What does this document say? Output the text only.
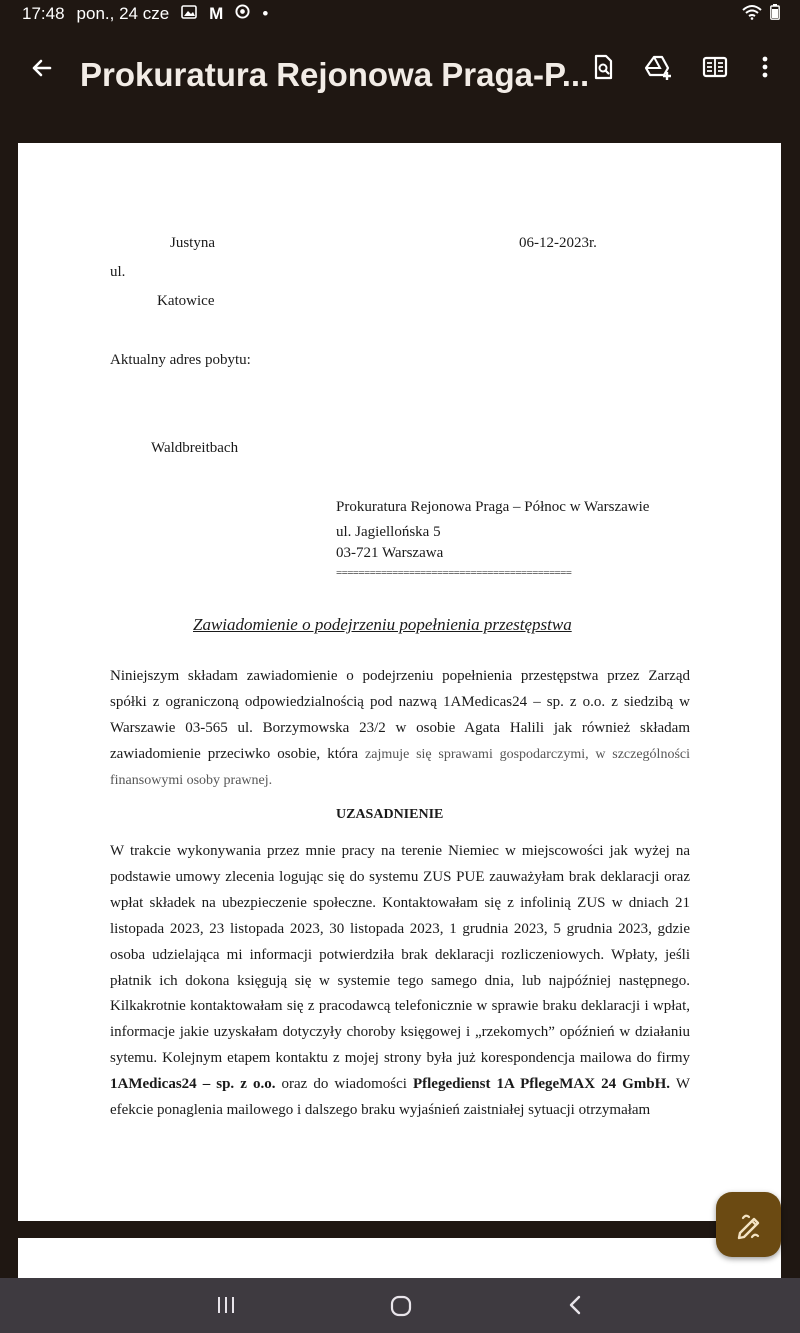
17:48 pon., 24 cze M •
Prokuratura Rejonowa Praga-P...
Justyna	06-12-2023r.
ul.
Katowice
Aktualny adres pobytu:
Waldbreitbach
Prokuratura Rejonowa Praga – Północ w Warszawie
ul. Jagiellońska 5
03-721 Warszawa
==========================================
Zawiadomienie o podejrzeniu popełnienia przestępstwa
Niniejszym składam zawiadomienie o podejrzeniu popełnienia przestępstwa przez Zarząd spółki z ograniczoną odpowiedzialnością pod nazwą 1AMedicas24 – sp. z o.o. z siedzibą w Warszawie 03-565 ul. Borzymowska 23/2 w osobie Agata Halili jak również składam zawiadomienie przeciwko osobie, która zajmuje się sprawami gospodarczymi, w szczególności finansowymi osoby prawnej.
UZASADNIENIE
W trakcie wykonywania przez mnie pracy na terenie Niemiec w miejscowości jak wyżej na podstawie umowy zlecenia logując się do systemu ZUS PUE zauważyłam brak deklaracji oraz wpłat składek na ubezpieczenie społeczne. Kontaktowałam się z infolinią ZUS w dniach 21 listopada 2023, 23 listopada 2023, 30 listopada 2023, 1 grudnia 2023, 5 grudnia 2023, gdzie osoba udzielająca mi informacji potwierdziła brak deklaracji rozliczeniowych. Wpłaty, jeśli płatnik ich dokona księgują się w systemie tego samego dnia, lub najpóźniej następnego. Kilkakrotnie kontaktowałam się z pracodawcą telefonicznie w sprawie braku deklaracji i wpłat, informacje jakie uzyskałam dotyczyły choroby księgowej i „rzekomych” opóźnień w działaniu sytemu. Kolejnym etapem kontaktu z mojej strony była już korespondencja mailowa do firmy 1AMedicas24 – sp. z o.o. oraz do wiadomości Pflegedienst 1A PflegeMAX 24 GmbH. W efekcie ponaglenia mailowego i dalszego braku wyjaśnień zaistniałej sytuacji otrzymałam
